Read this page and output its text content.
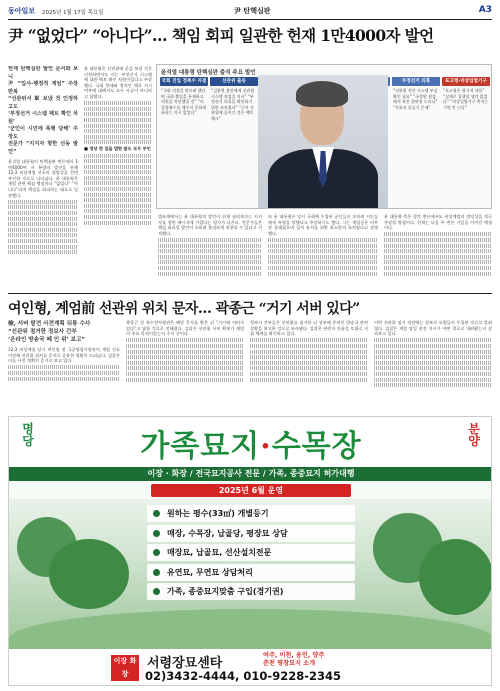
동아일보 2025년 1월 17일 목요일	尹 탄핵심판	A3
尹 “없었다” “아니다”… 책임 회피 일관한 헌재 1만4000자 발언
헌재 탄핵심판 발언 문서화 보니
尹 “입사-행정적 계엄” 주장 반복
“선관위서 軍 보냈 것 인정하고도
‘부정선거 시스템 팩트 확인 차원’
‘군인이 시민에 폭행 당해’ 주장도
전문가 “지지자 향한 선동 발언”

윤석열 대통령이 탄핵심판 변론에서 1만4000여 자 분량의 발언을 통해 12·3 비상계엄 선포의 위법성을 전면 부인한 것으로 나타났다. 윤 대통령은 계엄 관련 핵심 쟁점마다 “없었다” “아니다”라며 책임을 회피하는 태도로 일관했다.

윤 대통령은 선관위에 군을 보낸 것은 인정하면서도 이는 부정선거 시스템에 대한 팩트 확인 차원이었다고 주장했다. 국회 봉쇄와 정치인 체포 지시 여부에 대해서도 모두 사실이 아니라고 답했다.

■ 정당 한 있을 법한 말도 모두 부인

윤석열 대통령 탄핵심판 출석 주요 발언
국회 진입 정족수 자결
“국회 의결을 막으려 했다면 국회 출입을 통제하고 의원을 차단했을 것” “의결정족수를 채우지 못하게 하라는 지시 없었다”
선관위 출동
“김용현 장관에게 선관위 시스템 점검을 지시” “부정선거 의혹을 확인하기 위한 조치였다” “군이 선관위에 들어간 것은 팩트 체크”
부정선거 의혹
“선관위 전산 시스템 부실 확인 필요” “국정원 점검에서 보안 취약점 드러나” “투표지 분류기 문제”
포고령·비상입법기구
“포고령은 형식적 내용” “실제로 집행할 생각 없었다” “비상입법기구 쪽지는 기억 안 난다”

법조계에서는 윤 대통령의 발언이 헌재 심리보다는 지지자를 향한 메시지에 가깝다는 평가가 나온다. 전문가들은 책임 회피성 발언이 오히려 불리하게 작용할 수 있다고 지적했다.

또 윤 대통령은 당시 국회에 투입된 군인들이 오히려 시민들에게 폭행을 당했다고 주장하기도 했다. 그는 계엄군은 비무장 상태였으며 질서 유지를 위한 최소한의 조치였다고 설명했다.

윤 대통령 측은 향후 변론에서도 비상계엄의 정당성을 적극 주장할 방침이다. 헌재는 다음 주 변론 기일을 이어갈 예정이다.

여인형, 계엄前 선관위 위치 문자… 곽종근 “거기 서버 있다”
檢, 서버 발견 사전계획 뒤통 수사
“선관위 점거한 정보사 간부
‘온라인 방송국 떼 인 위’ 보고”

12·3 비상계엄 당시 여인형 전 국군방첩사령관이 계엄 선포 이전에 선관위 위치를 문자로 공유한 정황이 드러났다. 검찰은 이를 사전 계획의 증거로 보고 있다.

곽종근 전 특수전사령관은 해당 문자를 받은 뒤 “거기에 서버가 있다”고 답한 것으로 전해졌다. 검찰은 선관위 서버 확보가 계엄의 주요 목적이었는지 수사 중이다.

정보사 간부들은 선관위를 점거한 뒤 상부에 온라인 방송국 관련 상황을 보고한 것으로 조사됐다. 검찰은 관련자 진술을 토대로 지휘 체계를 확인하고 있다.

이번 선관위 점거 작전에는 정보사 요원들이 투입된 것으로 알려졌다. 검찰은 계엄 당일 작전 지시가 어떤 경로로 내려왔는지 살펴보고 있다.

명당	가족묘지·수목장	분양
이장 · 화장 / 전국묘지공사 전문 / 가족, 종중묘지 허가대행
2025년 6월 운영
원하는 평수(33㎡) 개별등기
매장, 수목장, 납골당, 평장묘 상담
매장묘, 납골묘, 선산설치전문
유연묘, 무연묘 상담처리
가족, 종중묘지맞춤 구입(경기권)
이장 화장
서령장묘센타
02)3432-4444, 010-9228-2345
여주, 이천, 용인, 양주 춘천 평창묘지 소개
